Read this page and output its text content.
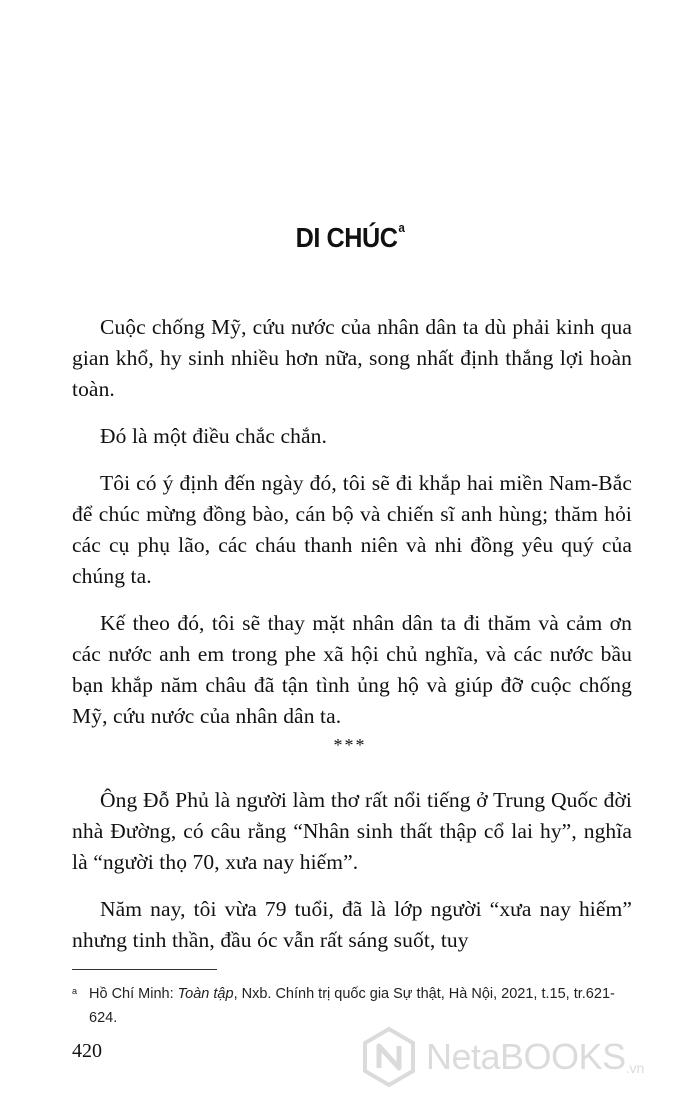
DI CHÚC$^a$

Cuộc chống Mỹ, cứu nước của nhân dân ta dù phải kinh qua gian khổ, hy sinh nhiều hơn nữa, song nhất định thắng lợi hoàn toàn.

Đó là một điều chắc chắn.

Tôi có ý định đến ngày đó, tôi sẽ đi khắp hai miền Nam-Bắc để chúc mừng đồng bào, cán bộ và chiến sĩ anh hùng; thăm hỏi các cụ phụ lão, các cháu thanh niên và nhi đồng yêu quý của chúng ta.

Kế theo đó, tôi sẽ thay mặt nhân dân ta đi thăm và cảm ơn các nước anh em trong phe xã hội chủ nghĩa, và các nước bầu bạn khắp năm châu đã tận tình ủng hộ và giúp đỡ cuộc chống Mỹ, cứu nước của nhân dân ta.

***

Ông Đỗ Phủ là người làm thơ rất nổi tiếng ở Trung Quốc đời nhà Đường, có câu rằng “Nhân sinh thất thập cổ lai hy”, nghĩa là “người thọ 70, xưa nay hiếm”.

Năm nay, tôi vừa 79 tuổi, đã là lớp người “xưa nay hiếm” nhưng tinh thần, đầu óc vẫn rất sáng suốt, tuy

a Hồ Chí Minh: Toàn tập, Nxb. Chính trị quốc gia Sự thật, Hà Nội, 2021, t.15, tr.621-624.
420	NetaBOOKS .vn
